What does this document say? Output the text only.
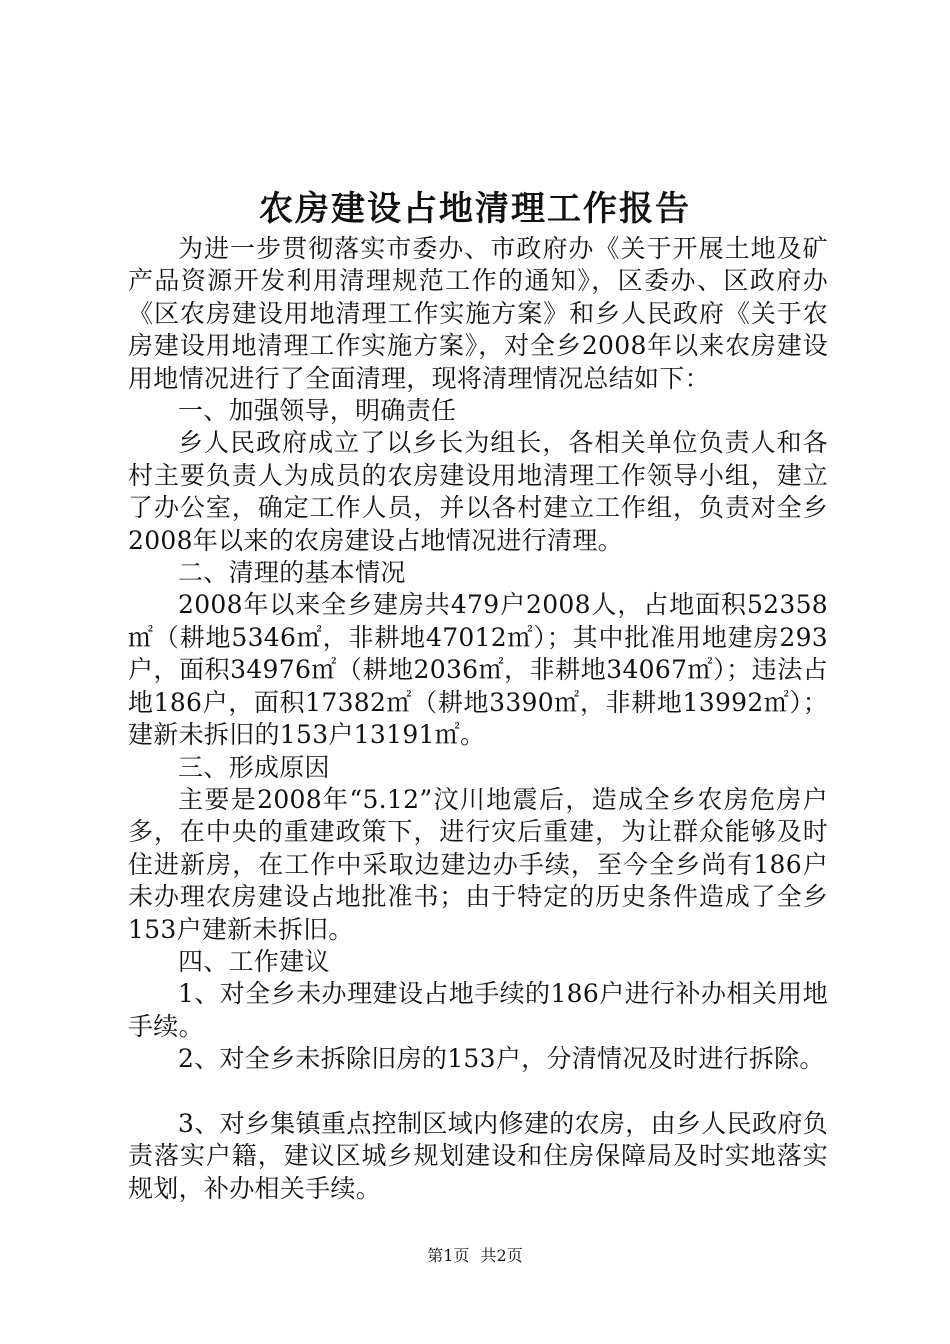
农房建设占地清理工作报告

为进一步贯彻落实市委办、市政府办《关于开展土地及矿产品资源开发利用清理规范工作的通知》，区委办、区政府办《区农房建设用地清理工作实施方案》和乡人民政府《关于农房建设用地清理工作实施方案》，对全乡2008年以来农房建设用地情况进行了全面清理，现将清理情况总结如下：

一、加强领导，明确责任

乡人民政府成立了以乡长为组长，各相关单位负责人和各村主要负责人为成员的农房建设用地清理工作领导小组，建立了办公室，确定工作人员，并以各村建立工作组，负责对全乡2008年以来的农房建设占地情况进行清理。

二、清理的基本情况

2008年以来全乡建房共479户2008人，占地面积52358㎡（耕地5346㎡，非耕地47012㎡）；其中批准用地建房293户，面积34976㎡（耕地2036㎡，非耕地34067㎡）；违法占地186户，面积17382㎡（耕地3390㎡，非耕地13992㎡）；建新未拆旧的153户13191㎡。

三、形成原因

主要是2008年“5.12”汶川地震后，造成全乡农房危房户多，在中央的重建政策下，进行灾后重建，为让群众能够及时住进新房，在工作中采取边建边办手续，至今全乡尚有186户未办理农房建设占地批准书；由于特定的历史条件造成了全乡153户建新未拆旧。

四、工作建议

1、对全乡未办理建设占地手续的186户进行补办相关用地手续。

2、对全乡未拆除旧房的153户，分清情况及时进行拆除。

3、对乡集镇重点控制区域内修建的农房，由乡人民政府负责落实户籍，建议区城乡规划建设和住房保障局及时实地落实规划，补办相关手续。

第1页 共2页
